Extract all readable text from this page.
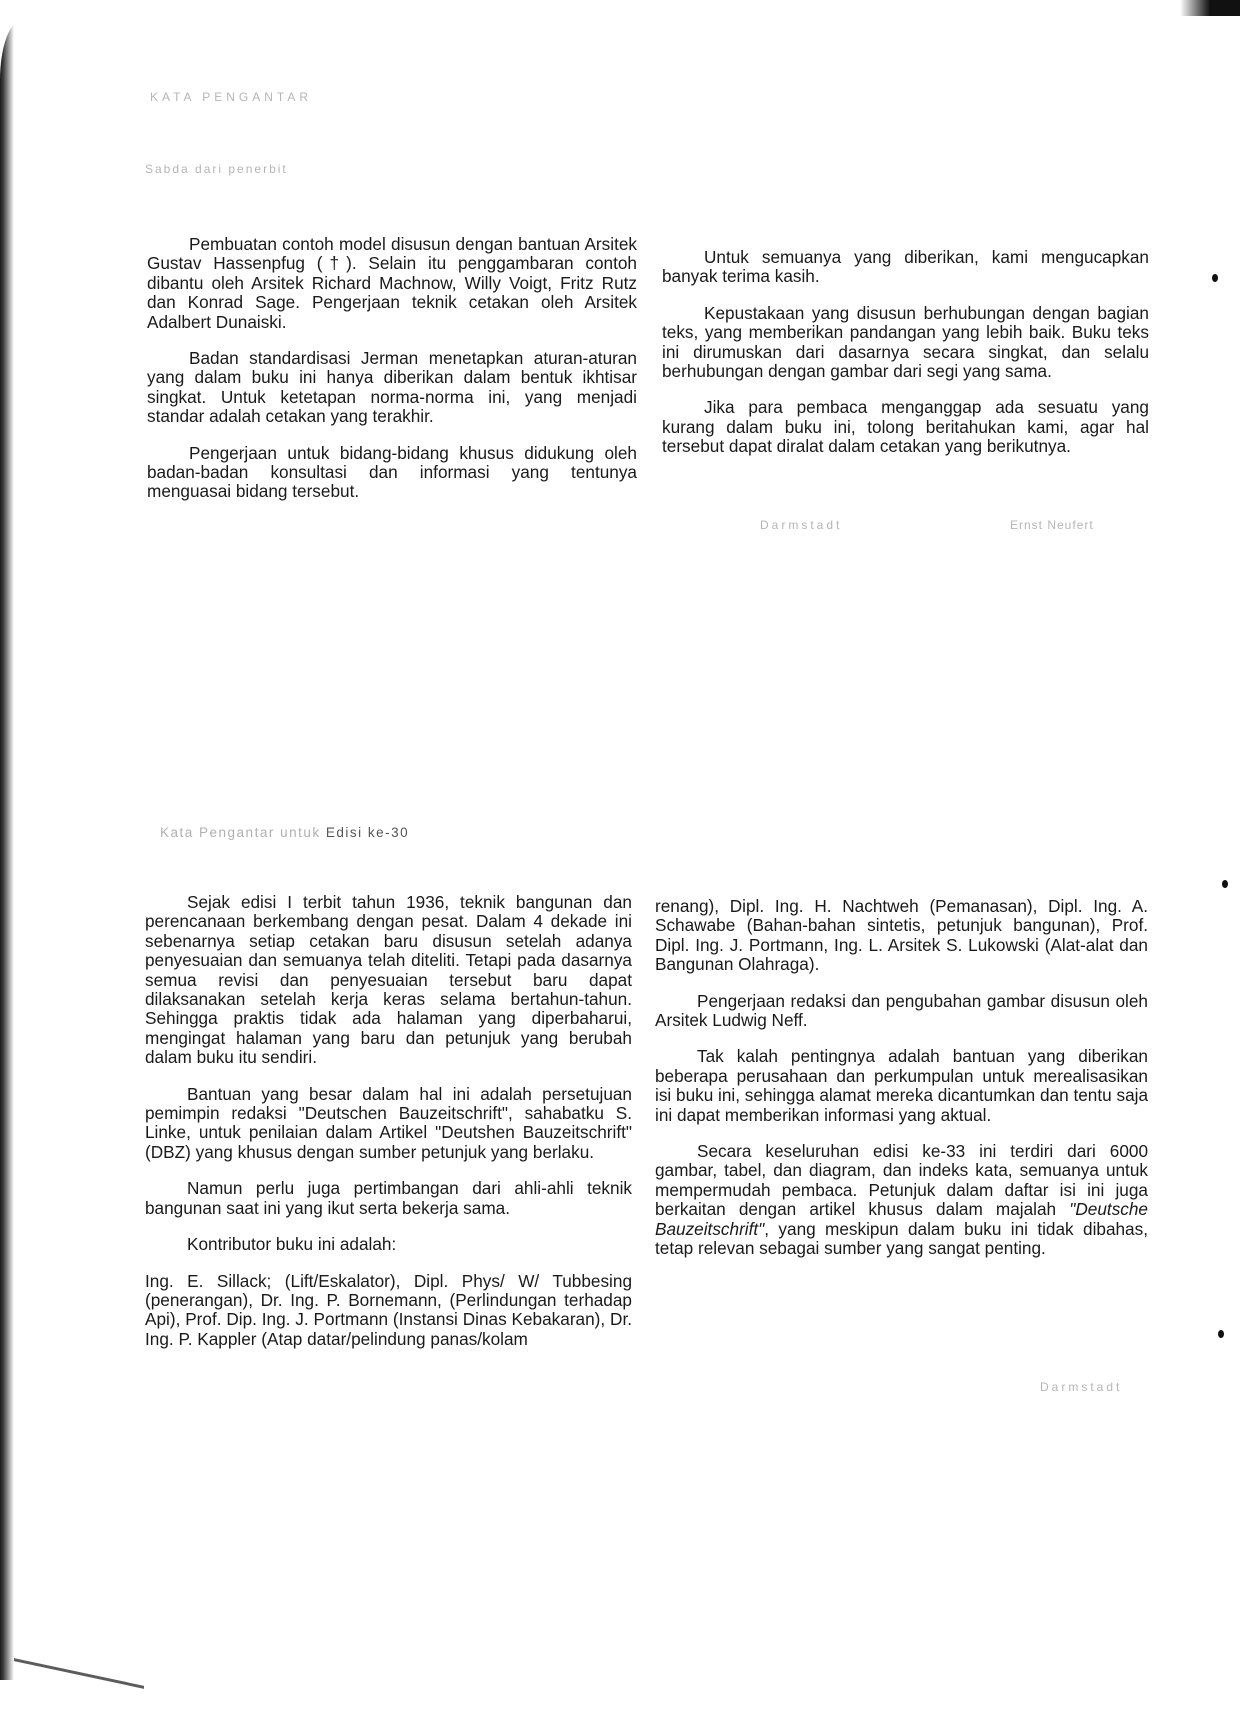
KATA PENGANTAR
Sabda dari penerbit

Pembuatan contoh model disusun dengan bantuan Arsitek Gustav Hassenpfug (†). Selain itu penggambaran contoh dibantu oleh Arsitek Richard Machnow, Willy Voigt, Fritz Rutz dan Konrad Sage. Pengerjaan teknik cetakan oleh Arsitek Adalbert Dunaiski.

Badan standardisasi Jerman menetapkan aturan-aturan yang dalam buku ini hanya diberikan dalam bentuk ikhtisar singkat. Untuk ketetapan norma-norma ini, yang menjadi standar adalah cetakan yang terakhir.

Pengerjaan untuk bidang-bidang khusus didukung oleh badan-badan konsultasi dan informasi yang tentunya menguasai bidang tersebut.

Untuk semuanya yang diberikan, kami mengucapkan banyak terima kasih.

Kepustakaan yang disusun berhubungan dengan bagian teks, yang memberikan pandangan yang lebih baik. Buku teks ini dirumuskan dari dasarnya secara singkat, dan selalu berhubungan dengan gambar dari segi yang sama.

Jika para pembaca menganggap ada sesuatu yang kurang dalam buku ini, tolong beritahukan kami, agar hal tersebut dapat diralat dalam cetakan yang berikutnya.

Darmstadt	Ernst Neufert
Kata Pengantar untuk Edisi ke-30

Sejak edisi I terbit tahun 1936, teknik bangunan dan perencanaan berkembang dengan pesat. Dalam 4 dekade ini sebenarnya setiap cetakan baru disusun setelah adanya penyesuaian dan semuanya telah diteliti. Tetapi pada dasarnya semua revisi dan penyesuaian tersebut baru dapat dilaksanakan setelah kerja keras selama bertahun-tahun. Sehingga praktis tidak ada halaman yang diperbaharui, mengingat halaman yang baru dan petunjuk yang berubah dalam buku itu sendiri.

Bantuan yang besar dalam hal ini adalah persetujuan pemimpin redaksi "Deutschen Bauzeitschrift", sahabatku S. Linke, untuk penilaian dalam Artikel "Deutshen Bauzeitschrift" (DBZ) yang khusus dengan sumber petunjuk yang berlaku.

Namun perlu juga pertimbangan dari ahli-ahli teknik bangunan saat ini yang ikut serta bekerja sama.

Kontributor buku ini adalah:

Ing. E. Sillack; (Lift/Eskalator), Dipl. Phys/ W/ Tubbesing (penerangan), Dr. Ing. P. Bornemann, (Perlindungan terhadap Api), Prof. Dip. Ing. J. Portmann (Instansi Dinas Kebakaran), Dr. Ing. P. Kappler (Atap datar/pelindung panas/kolam

renang), Dipl. Ing. H. Nachtweh (Pemanasan), Dipl. Ing. A. Schawabe (Bahan-bahan sintetis, petunjuk bangunan), Prof. Dipl. Ing. J. Portmann, Ing. L. Arsitek S. Lukowski (Alat-alat dan Bangunan Olahraga).

Pengerjaan redaksi dan pengubahan gambar disusun oleh Arsitek Ludwig Neff.

Tak kalah pentingnya adalah bantuan yang diberikan beberapa perusahaan dan perkumpulan untuk merealisasikan isi buku ini, sehingga alamat mereka dicantumkan dan tentu saja ini dapat memberikan informasi yang aktual.

Secara keseluruhan edisi ke-33 ini terdiri dari 6000 gambar, tabel, dan diagram, dan indeks kata, semuanya untuk mempermudah pembaca. Petunjuk dalam daftar isi ini juga berkaitan dengan artikel khusus dalam majalah "Deutsche Bauzeitschrift", yang meskipun dalam buku ini tidak dibahas, tetap relevan sebagai sumber yang sangat penting.

Darmstadt
